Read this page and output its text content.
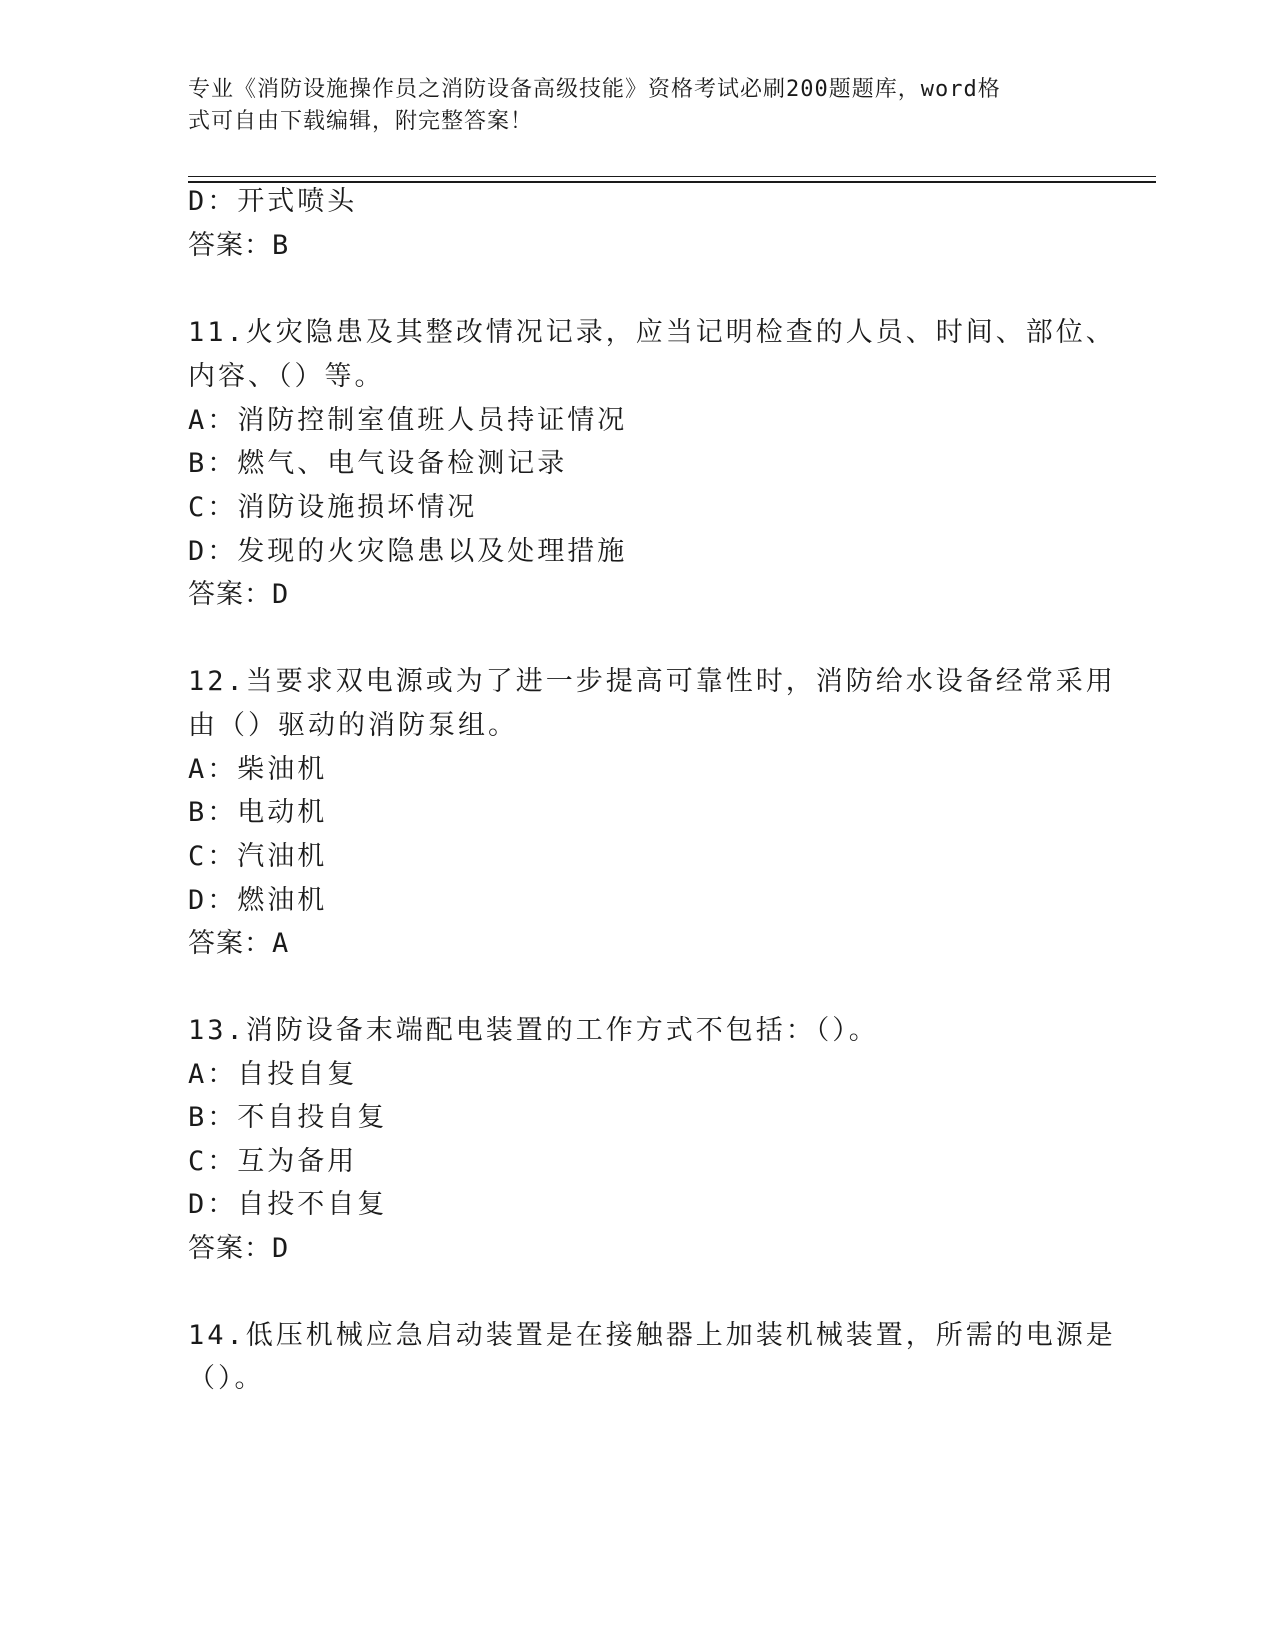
专业《消防设施操作员之消防设备高级技能》资格考试必刷200题题库，word格
式可自由下载编辑，附完整答案！
D：开式喷头
答案：B
11.火灾隐患及其整改情况记录，应当记明检查的人员、时间、部位、
内容、（）等。
A：消防控制室值班人员持证情况
B：燃气、电气设备检测记录
C：消防设施损坏情况
D：发现的火灾隐患以及处理措施
答案：D
12.当要求双电源或为了进一步提高可靠性时，消防给水设备经常采用
由（）驱动的消防泵组。
A：柴油机
B：电动机
C：汽油机
D：燃油机
答案：A
13.消防设备末端配电装置的工作方式不包括：（）。
A：自投自复
B：不自投自复
C：互为备用
D：自投不自复
答案：D
14.低压机械应急启动装置是在接触器上加装机械装置，所需的电源是
（）。
